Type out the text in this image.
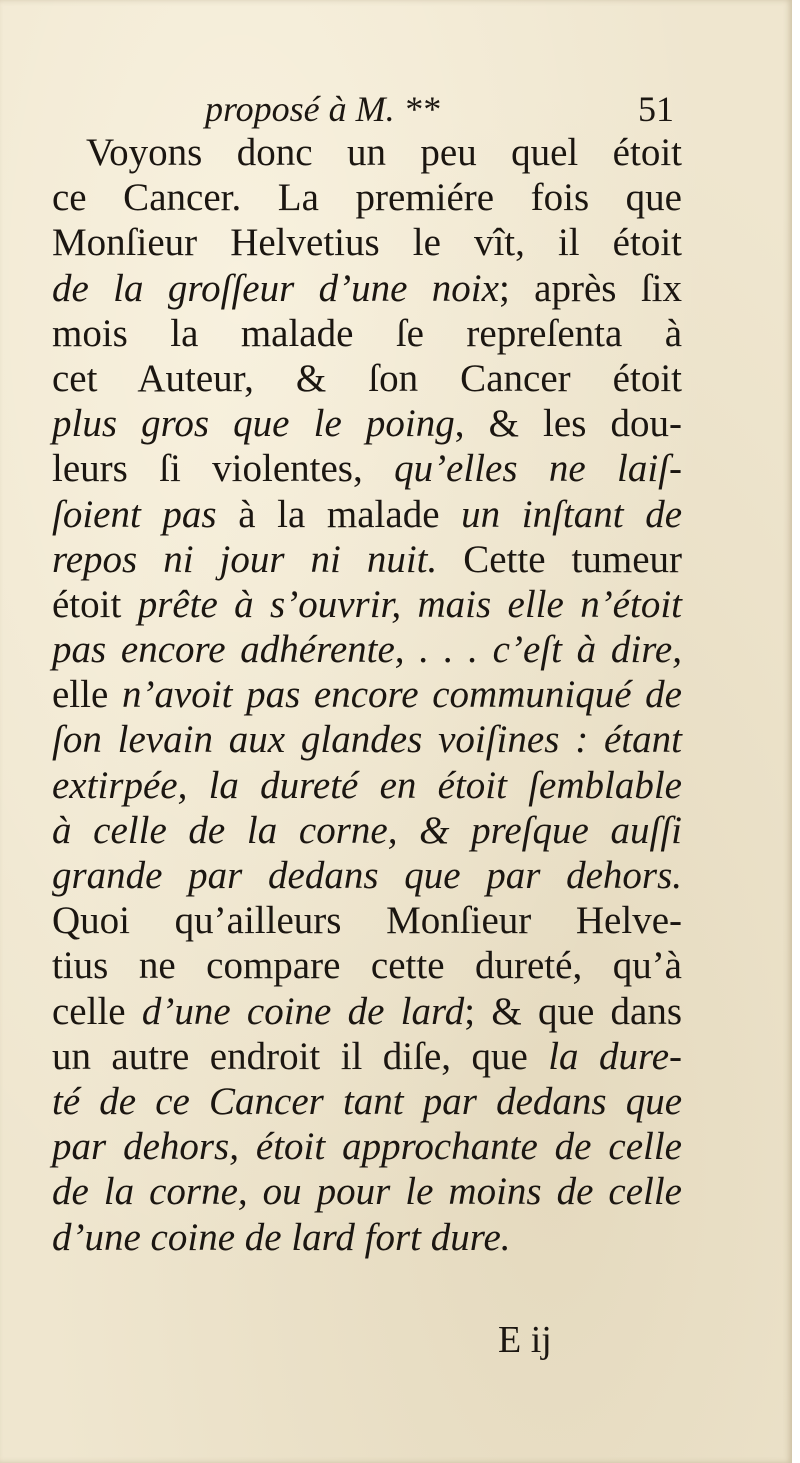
proposé à M. **	51
Voyons donc un peu quel étoit
ce Cancer. La premiére fois que
Monſieur Helvetius le vît, il étoit
de la groſſeur d’une noix; après ſix
mois la malade ſe repreſenta à
cet Auteur, & ſon Cancer étoit
plus gros que le poing, & les dou-
leurs ſi violentes, qu’elles ne laiſ-
ſoient pas à la malade un inſtant de
repos ni jour ni nuit. Cette tumeur
étoit prête à s’ouvrir, mais elle n’étoit
pas encore adhérente, . . . c’eſt à dire,
elle n’avoit pas encore communiqué de
ſon levain aux glandes voiſines : étant
extirpée, la dureté en étoit ſemblable
à celle de la corne, & preſque auſſi
grande par dedans que par dehors.
Quoi qu’ailleurs Monſieur Helve-
tius ne compare cette dureté, qu’à
celle d’une coine de lard; & que dans
un autre endroit il diſe, que la dure-
té de ce Cancer tant par dedans que
par dehors, étoit approchante de celle
de la corne, ou pour le moins de celle
d’une coine de lard fort dure.
E ij
